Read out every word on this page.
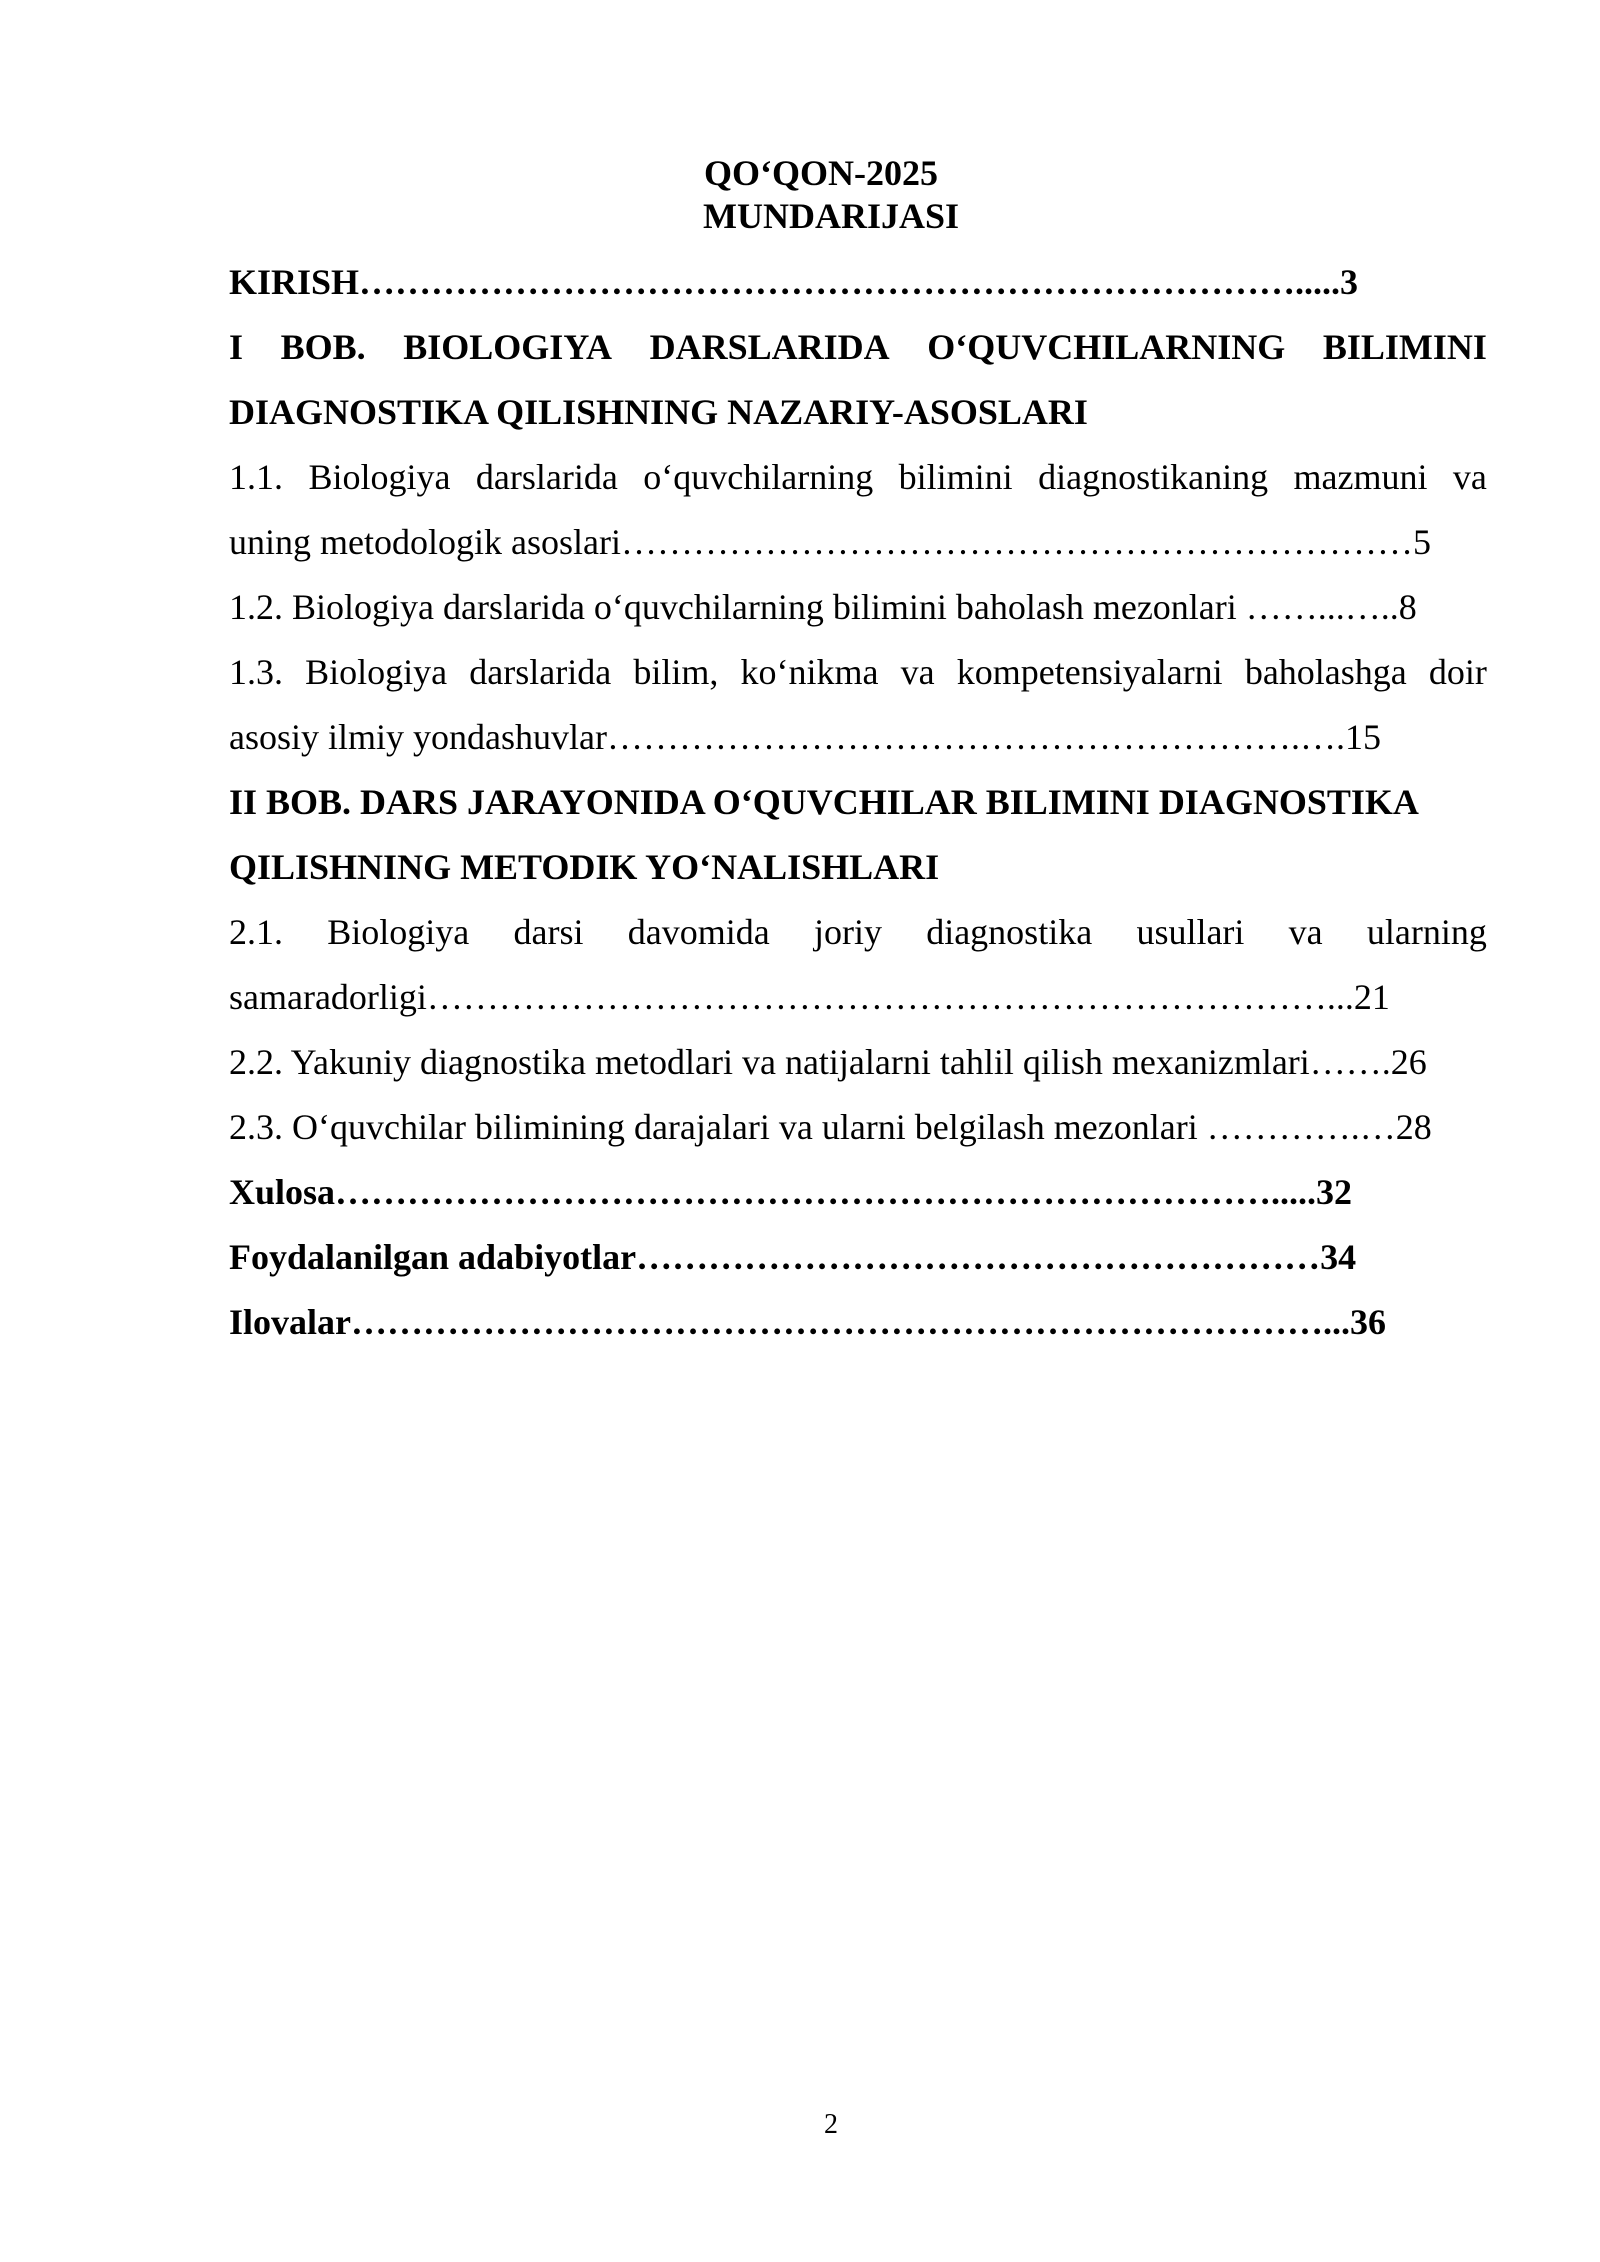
QO‘QON-2025
MUNDARIJASI
KIRISH…………………………………………………………………….....3
I BOB. BIOLOGIYA DARSLARIDA O‘QUVCHILARNING BILIMINI
DIAGNOSTIKA QILISHNING NAZARIY-ASOSLARI
1.1. Biologiya darslarida o‘quvchilarning bilimini diagnostikaning mazmuni va
uning metodologik asoslari…………………………………………………………5
1.2. Biologiya darslarida o‘quvchilarning bilimini baholash mezonlari ……...…..8
1.3. Biologiya darslarida bilim, ko‘nikma va kompetensiyalarni baholashga doir
asosiy ilmiy yondashuvlar………………………………………………….….15
II BOB. DARS JARAYONIDA O‘QUVCHILAR BILIMINI DIAGNOSTIKA
QILISHNING METODIK YO‘NALISHLARI
2.1. Biologiya darsi davomida joriy diagnostika usullari va ularning
samaradorligi…………………………………………………………………...21
2.2. Yakuniy diagnostika metodlari va natijalarni tahlil qilish mexanizmlari…….26
2.3. O‘quvchilar bilimining darajalari va ularni belgilash mezonlari ………….…28
Xulosa…………………………………………………………………….....32
Foydalanilgan adabiyotlar…………………………………………………34
Ilovalar………………………………………………………………………...36
2
